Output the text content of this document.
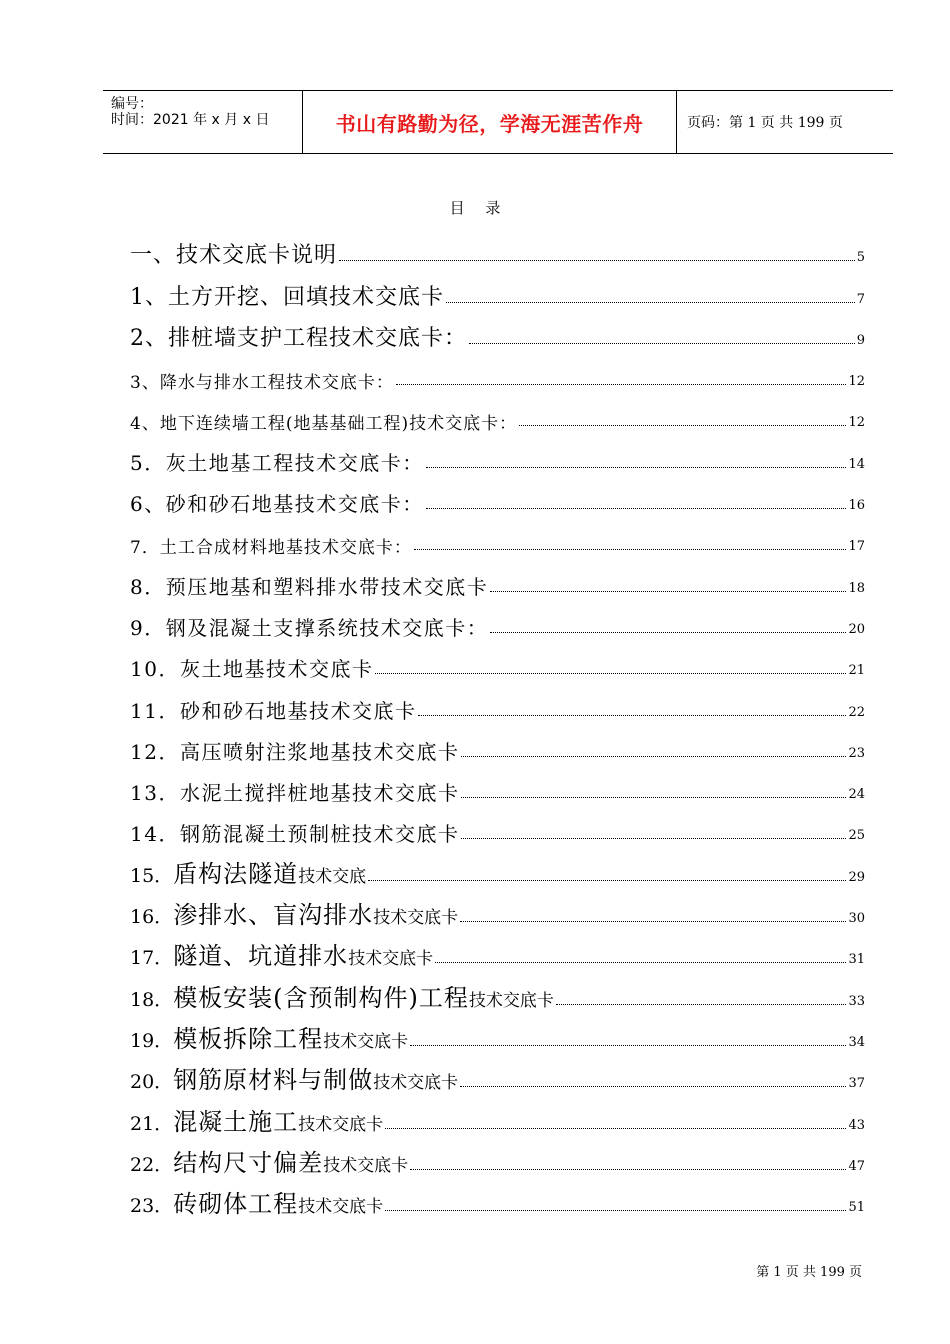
编号：
时间：2021 年 x 月 x 日	书山有路勤为径，学海无涯苦作舟	页码：第 1 页 共 199 页
目 录
一、技术交底卡说明	5
1、土方开挖、回填技术交底卡	7
2、排桩墙支护工程技术交底卡：	9
3、降水与排水工程技术交底卡：	12
4、地下连续墙工程(地基基础工程)技术交底卡：	12
5．灰土地基工程技术交底卡：	14
6、砂和砂石地基技术交底卡：	16
7．土工合成材料地基技术交底卡：	17
8．预压地基和塑料排水带技术交底卡	18
9．钢及混凝土支撑系统技术交底卡：	20
10．灰土地基技术交底卡	21
11．砂和砂石地基技术交底卡	22
12．高压喷射注浆地基技术交底卡	23
13．水泥土搅拌桩地基技术交底卡	24
14．钢筋混凝土预制桩技术交底卡	25
15．盾构法隧道技术交底	29
16．渗排水、盲沟排水技术交底卡	30
17．隧道、坑道排水技术交底卡	31
18．模板安装(含预制构件)工程技术交底卡	33
19．模板拆除工程技术交底卡	34
20．钢筋原材料与制做技术交底卡	37
21．混凝土施工技术交底卡	43
22．结构尺寸偏差技术交底卡	47
23．砖砌体工程技术交底卡	51
第 1 页 共 199 页
